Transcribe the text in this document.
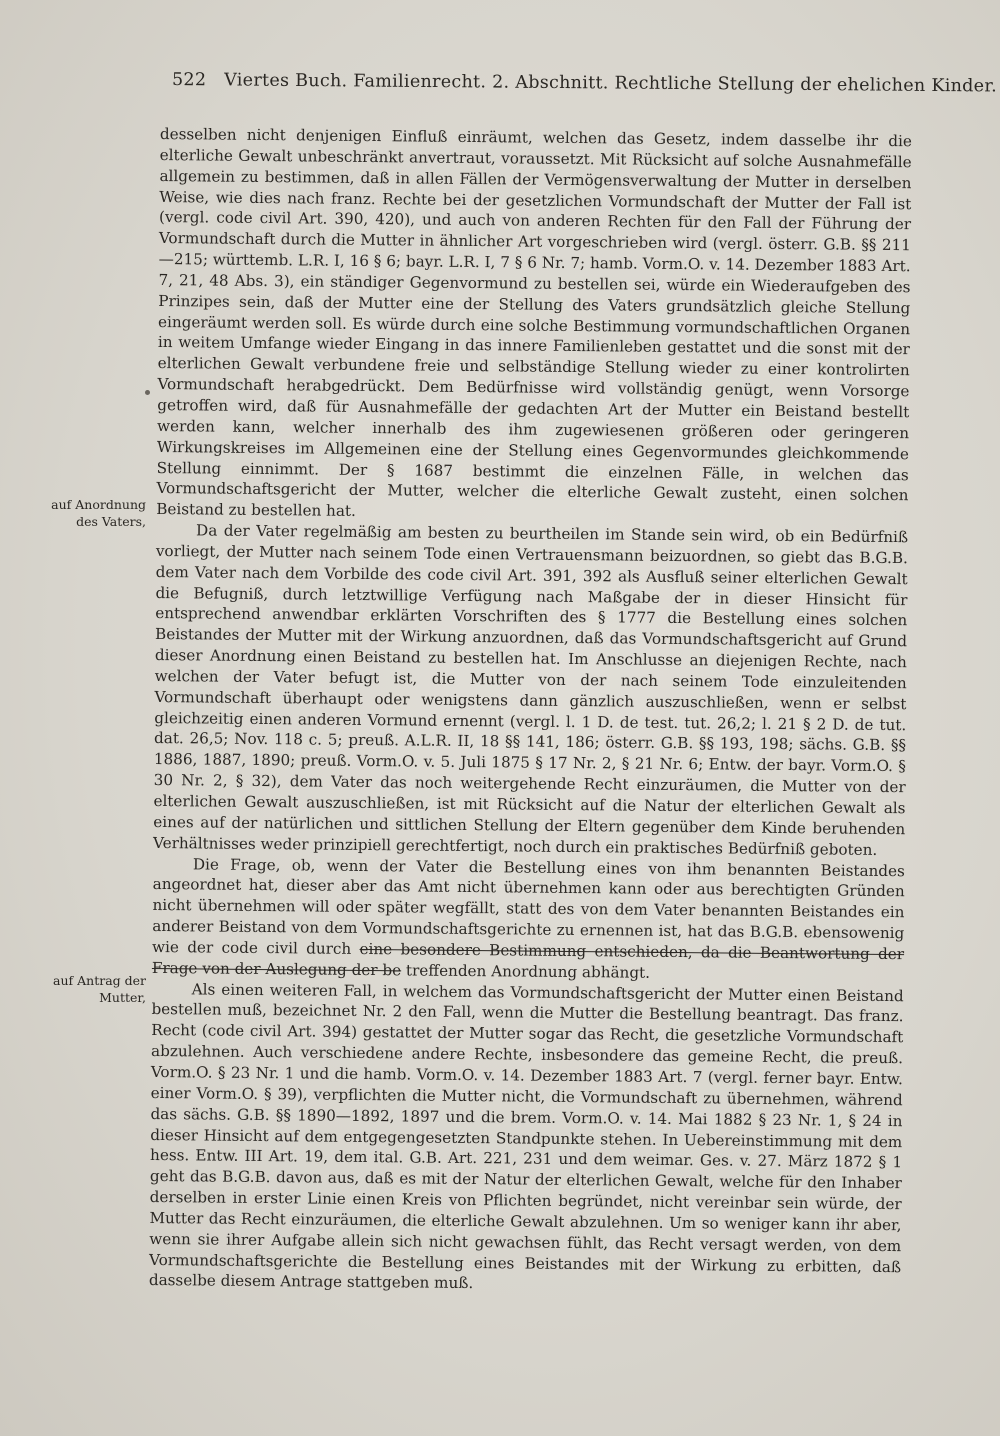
522 Viertes Buch. Familienrecht. 2. Abschnitt. Rechtliche Stellung der ehelichen Kinder.
auf Anordnung des Vaters,
auf Antrag der Mutter,

desselben nicht denjenigen Einfluß einräumt, welchen das Gesetz, indem dasselbe ihr die elterliche Gewalt unbeschränkt anvertraut, voraussetzt. Mit Rücksicht auf solche Ausnahmefälle allgemein zu bestimmen, daß in allen Fällen der Vermögensverwaltung der Mutter in derselben Weise, wie dies nach franz. Rechte bei der gesetzlichen Vormundschaft der Mutter der Fall ist (vergl. code civil Art. 390, 420), und auch von anderen Rechten für den Fall der Führung der Vormundschaft durch die Mutter in ähnlicher Art vorgeschrieben wird (vergl. österr. G.B. §§ 211—215; württemb. L.R. I, 16 § 6; bayr. L.R. I, 7 § 6 Nr. 7; hamb. Vorm.O. v. 14. Dezember 1883 Art. 7, 21, 48 Abs. 3), ein ständiger Gegenvormund zu bestellen sei, würde ein Wiederaufgeben des Prinzipes sein, daß der Mutter eine der Stellung des Vaters grundsätzlich gleiche Stellung eingeräumt werden soll. Es würde durch eine solche Bestimmung vormundschaftlichen Organen in weitem Umfange wieder Eingang in das innere Familienleben gestattet und die sonst mit der elterlichen Gewalt verbundene freie und selbständige Stellung wieder zu einer kontrolirten Vormundschaft herabgedrückt. Dem Bedürfnisse wird vollständig genügt, wenn Vorsorge getroffen wird, daß für Ausnahmefälle der gedachten Art der Mutter ein Beistand bestellt werden kann, welcher innerhalb des ihm zugewiesenen größeren oder geringeren Wirkungskreises im Allgemeinen eine der Stellung eines Gegenvormundes gleichkommende Stellung einnimmt. Der § 1687 bestimmt die einzelnen Fälle, in welchen das Vormundschaftsgericht der Mutter, welcher die elterliche Gewalt zusteht, einen solchen Beistand zu bestellen hat.

Da der Vater regelmäßig am besten zu beurtheilen im Stande sein wird, ob ein Bedürfniß vorliegt, der Mutter nach seinem Tode einen Vertrauensmann beizuordnen, so giebt das B.G.B. dem Vater nach dem Vorbilde des code civil Art. 391, 392 als Ausfluß seiner elterlichen Gewalt die Befugniß, durch letztwillige Verfügung nach Maßgabe der in dieser Hinsicht für entsprechend anwendbar erklärten Vorschriften des § 1777 die Bestellung eines solchen Beistandes der Mutter mit der Wirkung anzuordnen, daß das Vormundschaftsgericht auf Grund dieser Anordnung einen Beistand zu bestellen hat. Im Anschlusse an diejenigen Rechte, nach welchen der Vater befugt ist, die Mutter von der nach seinem Tode einzuleitenden Vormundschaft überhaupt oder wenigstens dann gänzlich auszuschließen, wenn er selbst gleichzeitig einen anderen Vormund ernennt (vergl. l. 1 D. de test. tut. 26,2; l. 21 § 2 D. de tut. dat. 26,5; Nov. 118 c. 5; preuß. A.L.R. II, 18 §§ 141, 186; österr. G.B. §§ 193, 198; sächs. G.B. §§ 1886, 1887, 1890; preuß. Vorm.O. v. 5. Juli 1875 § 17 Nr. 2, § 21 Nr. 6; Entw. der bayr. Vorm.O. § 30 Nr. 2, § 32), dem Vater das noch weitergehende Recht einzuräumen, die Mutter von der elterlichen Gewalt auszuschließen, ist mit Rücksicht auf die Natur der elterlichen Gewalt als eines auf der natürlichen und sittlichen Stellung der Eltern gegenüber dem Kinde beruhenden Verhältnisses weder prinzipiell gerechtfertigt, noch durch ein praktisches Bedürfniß geboten.

Die Frage, ob, wenn der Vater die Bestellung eines von ihm benannten Beistandes angeordnet hat, dieser aber das Amt nicht übernehmen kann oder aus berechtigten Gründen nicht übernehmen will oder später wegfällt, statt des von dem Vater benannten Beistandes ein anderer Beistand von dem Vormundschaftsgerichte zu ernennen ist, hat das B.G.B. ebensowenig wie der code civil durch eine besondere Bestimmung entschieden, da die Beantwortung der Frage von der Auslegung der be treffenden Anordnung abhängt.

Als einen weiteren Fall, in welchem das Vormundschaftsgericht der Mutter einen Beistand bestellen muß, bezeichnet Nr. 2 den Fall, wenn die Mutter die Bestellung beantragt. Das franz. Recht (code civil Art. 394) gestattet der Mutter sogar das Recht, die gesetzliche Vormundschaft abzulehnen. Auch verschiedene andere Rechte, insbesondere das gemeine Recht, die preuß. Vorm.O. § 23 Nr. 1 und die hamb. Vorm.O. v. 14. Dezember 1883 Art. 7 (vergl. ferner bayr. Entw. einer Vorm.O. § 39), verpflichten die Mutter nicht, die Vormundschaft zu übernehmen, während das sächs. G.B. §§ 1890—1892, 1897 und die brem. Vorm.O. v. 14. Mai 1882 § 23 Nr. 1, § 24 in dieser Hinsicht auf dem entgegengesetzten Standpunkte stehen. In Uebereinstimmung mit dem hess. Entw. III Art. 19, dem ital. G.B. Art. 221, 231 und dem weimar. Ges. v. 27. März 1872 § 1 geht das B.G.B. davon aus, daß es mit der Natur der elterlichen Gewalt, welche für den Inhaber derselben in erster Linie einen Kreis von Pflichten begründet, nicht vereinbar sein würde, der Mutter das Recht einzuräumen, die elterliche Gewalt abzulehnen. Um so weniger kann ihr aber, wenn sie ihrer Aufgabe allein sich nicht gewachsen fühlt, das Recht versagt werden, von dem Vormundschaftsgerichte die Bestellung eines Beistandes mit der Wirkung zu erbitten, daß dasselbe diesem Antrage stattgeben muß.
